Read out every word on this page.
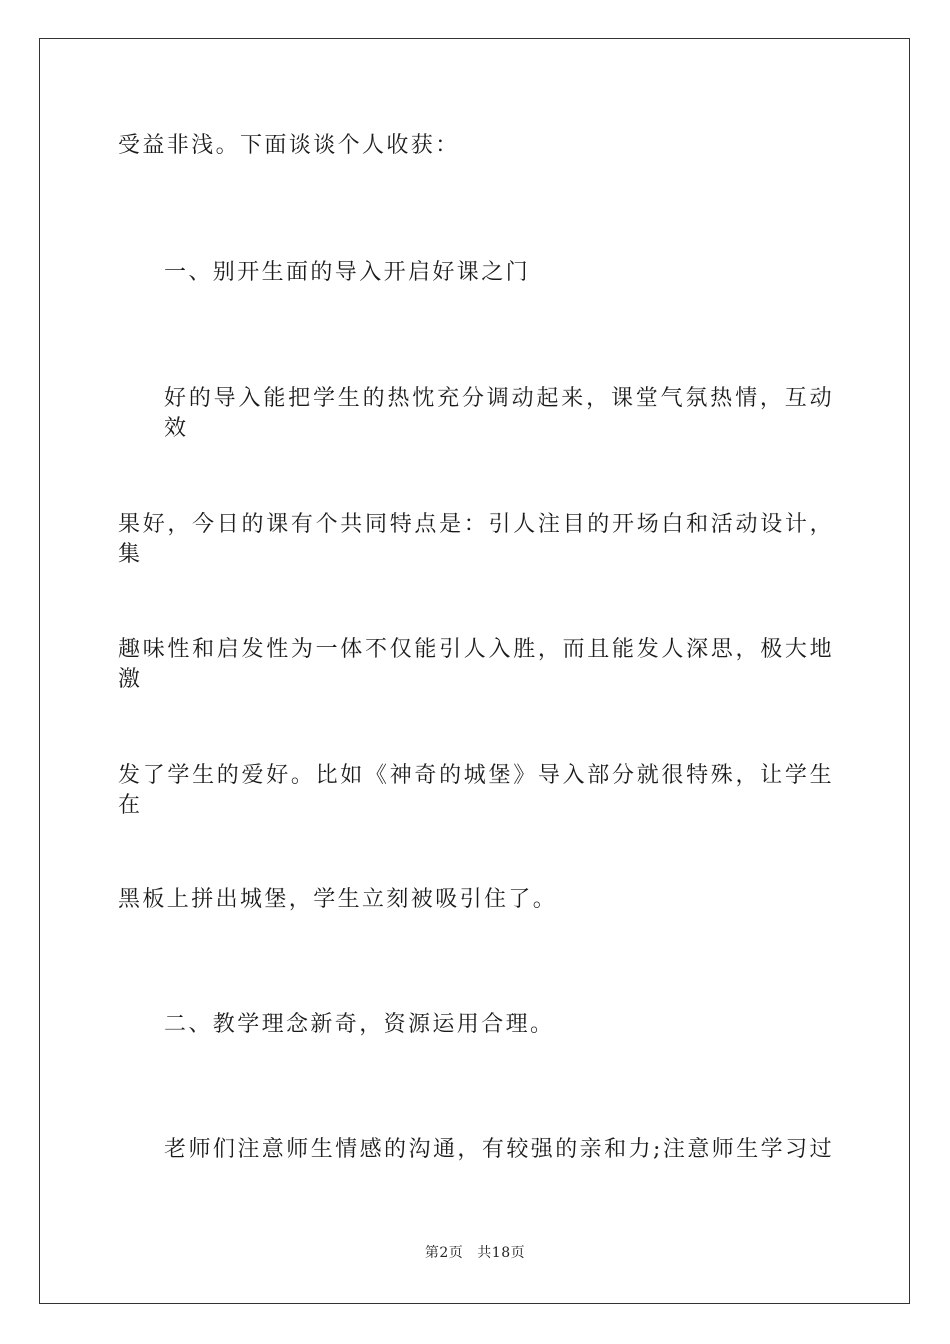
受益非浅。下面谈谈个人收获：
一、别开生面的导入开启好课之门
好的导入能把学生的热忱充分调动起来，课堂气氛热情，互动效
果好，今日的课有个共同特点是：引人注目的开场白和活动设计，集
趣味性和启发性为一体不仅能引人入胜，而且能发人深思，极大地激
发了学生的爱好。比如《神奇的城堡》导入部分就很特殊，让学生在
黑板上拼出城堡，学生立刻被吸引住了。
二、教学理念新奇，资源运用合理。
老师们注意师生情感的沟通，有较强的亲和力;注意师生学习过
第2页 共18页
